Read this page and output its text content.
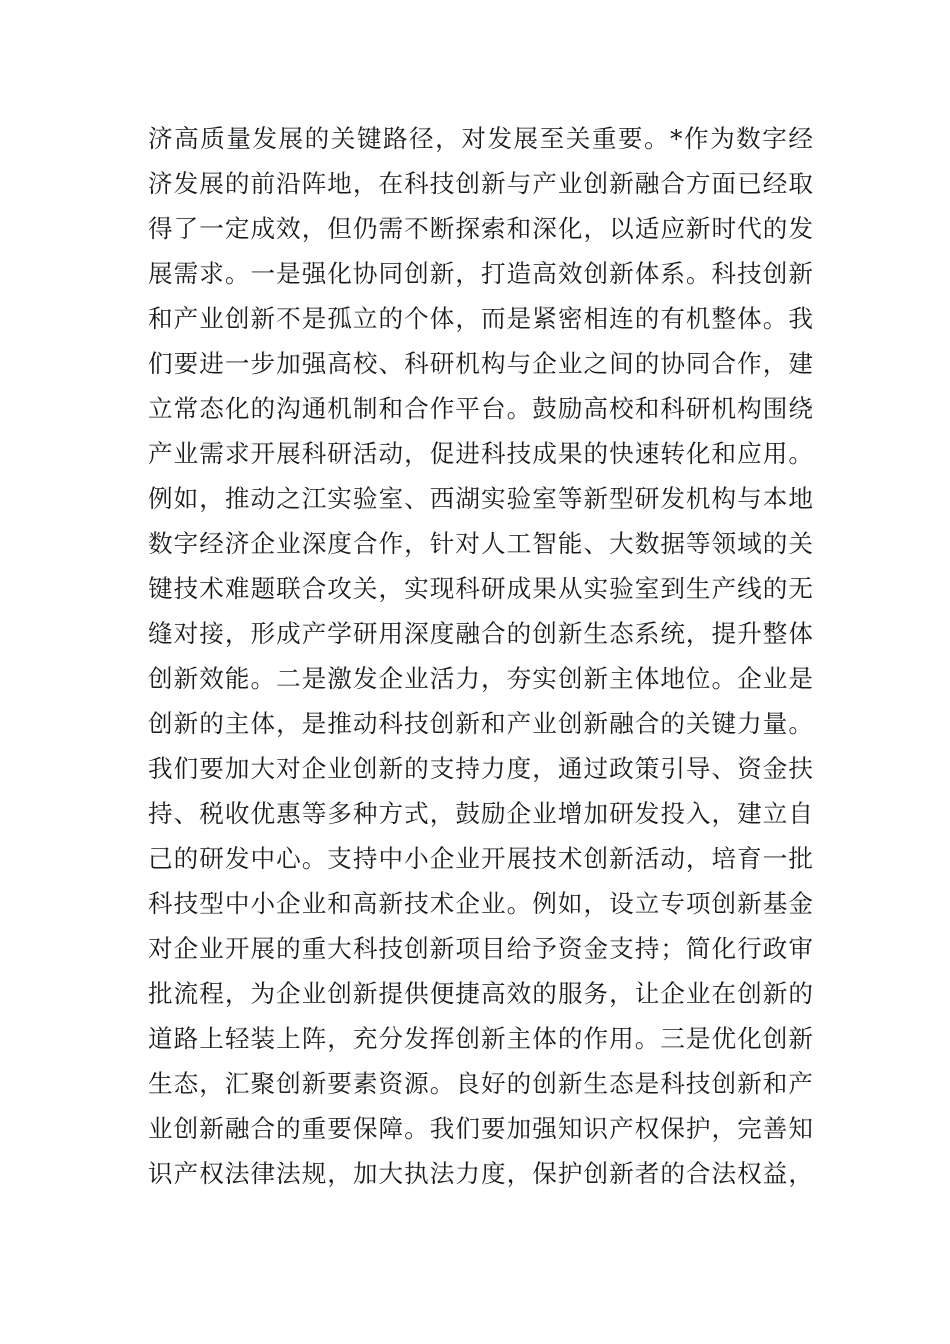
济高质量发展的关键路径，对发展至关重要。*作为数字经
济发展的前沿阵地，在科技创新与产业创新融合方面已经取
得了一定成效，但仍需不断探索和深化，以适应新时代的发
展需求。一是强化协同创新，打造高效创新体系。科技创新
和产业创新不是孤立的个体，而是紧密相连的有机整体。我
们要进一步加强高校、科研机构与企业之间的协同合作，建
立常态化的沟通机制和合作平台。鼓励高校和科研机构围绕
产业需求开展科研活动，促进科技成果的快速转化和应用。
例如，推动之江实验室、西湖实验室等新型研发机构与本地
数字经济企业深度合作，针对人工智能、大数据等领域的关
键技术难题联合攻关，实现科研成果从实验室到生产线的无
缝对接，形成产学研用深度融合的创新生态系统，提升整体
创新效能。二是激发企业活力，夯实创新主体地位。企业是
创新的主体，是推动科技创新和产业创新融合的关键力量。
我们要加大对企业创新的支持力度，通过政策引导、资金扶
持、税收优惠等多种方式，鼓励企业增加研发投入，建立自
己的研发中心。支持中小企业开展技术创新活动，培育一批
科技型中小企业和高新技术企业。例如，设立专项创新基金
对企业开展的重大科技创新项目给予资金支持；简化行政审
批流程，为企业创新提供便捷高效的服务，让企业在创新的
道路上轻装上阵，充分发挥创新主体的作用。三是优化创新
生态，汇聚创新要素资源。良好的创新生态是科技创新和产
业创新融合的重要保障。我们要加强知识产权保护，完善知
识产权法律法规，加大执法力度，保护创新者的合法权益，
